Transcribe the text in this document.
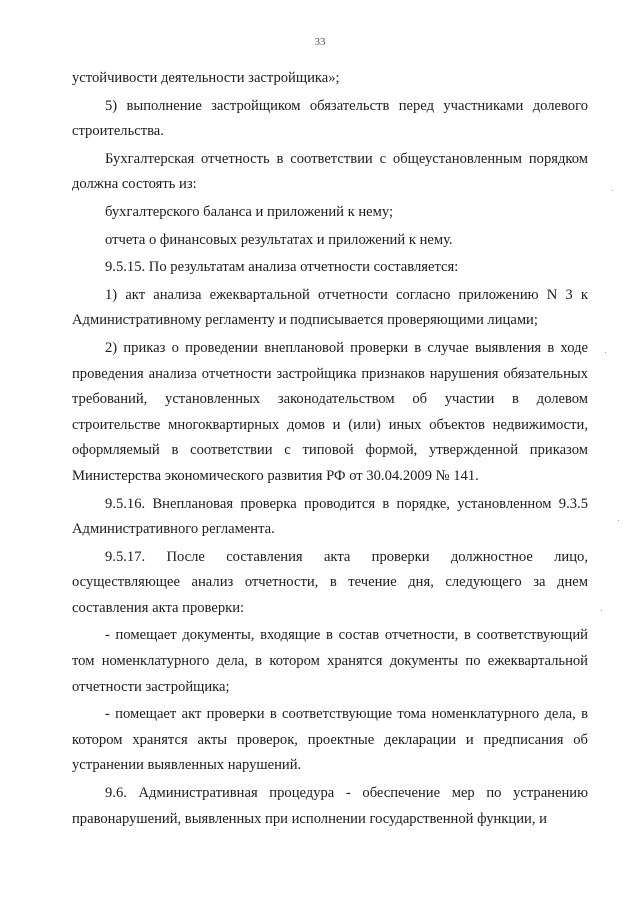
33

устойчивости деятельности застройщика»;

5) выполнение застройщиком обязательств перед участниками долевого строительства.

Бухгалтерская отчетность в соответствии с общеустановленным порядком должна состоять из:

бухгалтерского баланса и приложений к нему;

отчета о финансовых результатах и приложений к нему.

9.5.15. По результатам анализа отчетности составляется:

1) акт анализа ежеквартальной отчетности согласно приложению N 3 к Административному регламенту и подписывается проверяющими лицами;

2) приказ о проведении внеплановой проверки в случае выявления в ходе проведения анализа отчетности застройщика признаков нарушения обязательных требований, установленных законодательством об участии в долевом строительстве многоквартирных домов и (или) иных объектов недвижимости, оформляемый в соответствии с типовой формой, утвержденной приказом Министерства экономического развития РФ от 30.04.2009 № 141.

9.5.16. Внеплановая проверка проводится в порядке, установленном 9.3.5 Административного регламента.

9.5.17. После составления акта проверки должностное лицо, осуществляющее анализ отчетности, в течение дня, следующего за днем составления акта проверки:

- помещает документы, входящие в состав отчетности, в соответствующий том номенклатурного дела, в котором хранятся документы по ежеквартальной отчетности застройщика;

- помещает акт проверки в соответствующие тома номенклатурного дела, в котором хранятся акты проверок, проектные декларации и предписания об устранении выявленных нарушений.

9.6. Административная процедура - обеспечение мер по устранению правонарушений, выявленных при исполнении государственной функции, и
